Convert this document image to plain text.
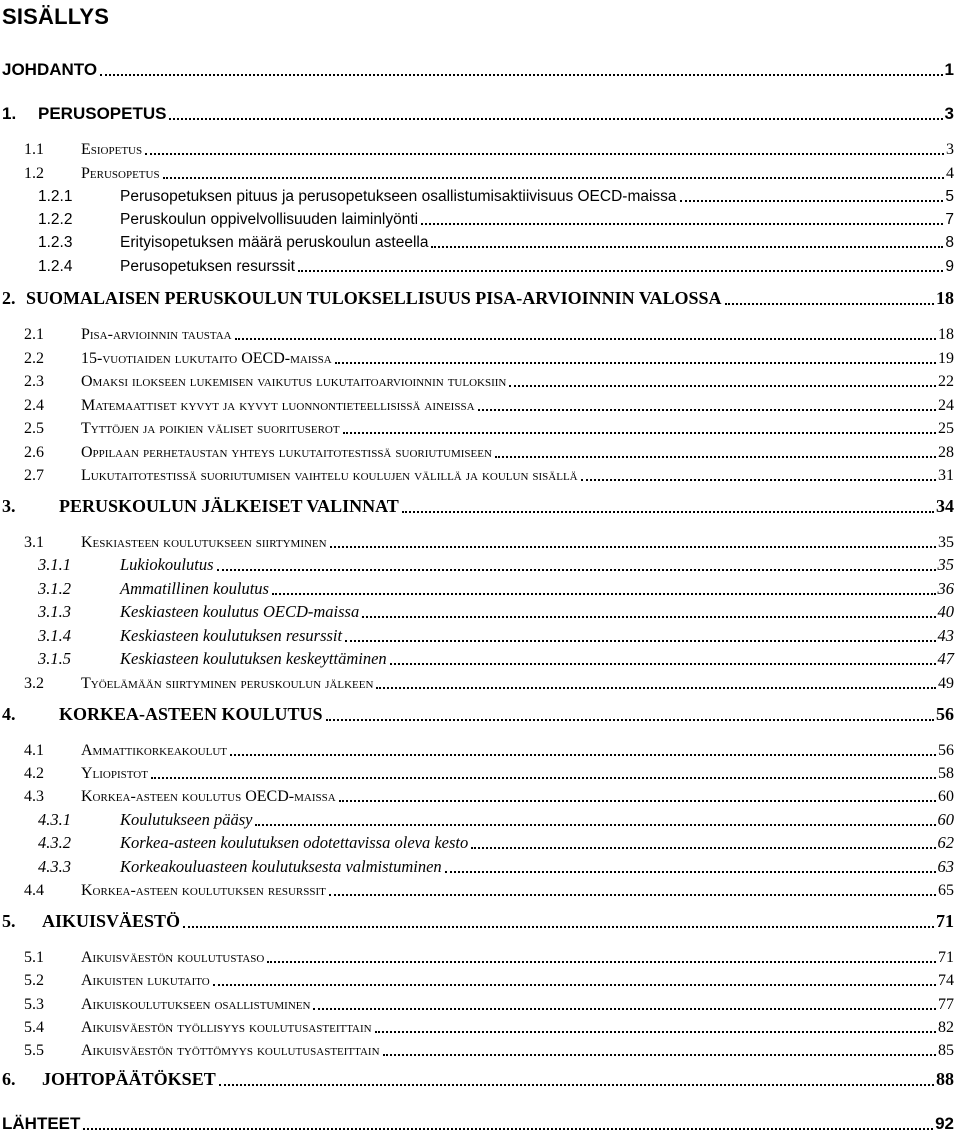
SISÄLLYS
JOHDANTO	1
1.	PERUSOPETUS	3
1.1	Esiopetus	3
1.2	Perusopetus	4
1.2.1	Perusopetuksen pituus ja perusopetukseen osallistumisaktiivisuus OECD-maissa	5
1.2.2	Peruskoulun oppivelvollisuuden laiminlyönti	7
1.2.3	Erityisopetuksen määrä peruskoulun asteella	8
1.2.4	Perusopetuksen resurssit	9
2. SUOMALAISEN PERUSKOULUN TULOKSELLISUUS PISA-ARVIOINNIN VALOSSA	18
2.1	Pisa-arvioinnin taustaa	18
2.2	15-vuotiaiden lukutaito OECD-maissa	19
2.3	Omaksi ilokseen lukemisen vaikutus lukutaitoarvioinnin tuloksiin	22
2.4	Matemaattiset kyvyt ja kyvyt luonnontieteellisissä aineissa	24
2.5	Tyttöjen ja poikien väliset suorituserot	25
2.6	Oppilaan perhetaustan yhteys lukutaitotestissä suoriutumiseen	28
2.7	Lukutaitotestissä suoriutumisen vaihtelu koulujen välillä ja koulun sisällä	31
3.	PERUSKOULUN JÄLKEISET VALINNAT	34
3.1	Keskiasteen koulutukseen siirtyminen	35
3.1.1	Lukiokoulutus	35
3.1.2	Ammatillinen koulutus	36
3.1.3	Keskiasteen koulutus OECD-maissa	40
3.1.4	Keskiasteen koulutuksen resurssit	43
3.1.5	Keskiasteen koulutuksen keskeyttäminen	47
3.2	Työelämään siirtyminen peruskoulun jälkeen	49
4.	KORKEA-ASTEEN KOULUTUS	56
4.1	Ammattikorkeakoulut	56
4.2	Yliopistot	58
4.3	Korkea-asteen koulutus OECD-maissa	60
4.3.1	Koulutukseen pääsy	60
4.3.2	Korkea-asteen koulutuksen odotettavissa oleva kesto	62
4.3.3	Korkeakouluasteen koulutuksesta valmistuminen	63
4.4	Korkea-asteen koulutuksen resurssit	65
5.	AIKUISVÄESTÖ	71
5.1	Aikuisväestön koulutustaso	71
5.2	Aikuisten lukutaito	74
5.3	Aikuiskoulutukseen osallistuminen	77
5.4	Aikuisväestön työllisyys koulutusasteittain	82
5.5	Aikuisväestön työttömyys koulutusasteittain	85
6.	JOHTOPÄÄTÖKSET	88
LÄHTEET	92
